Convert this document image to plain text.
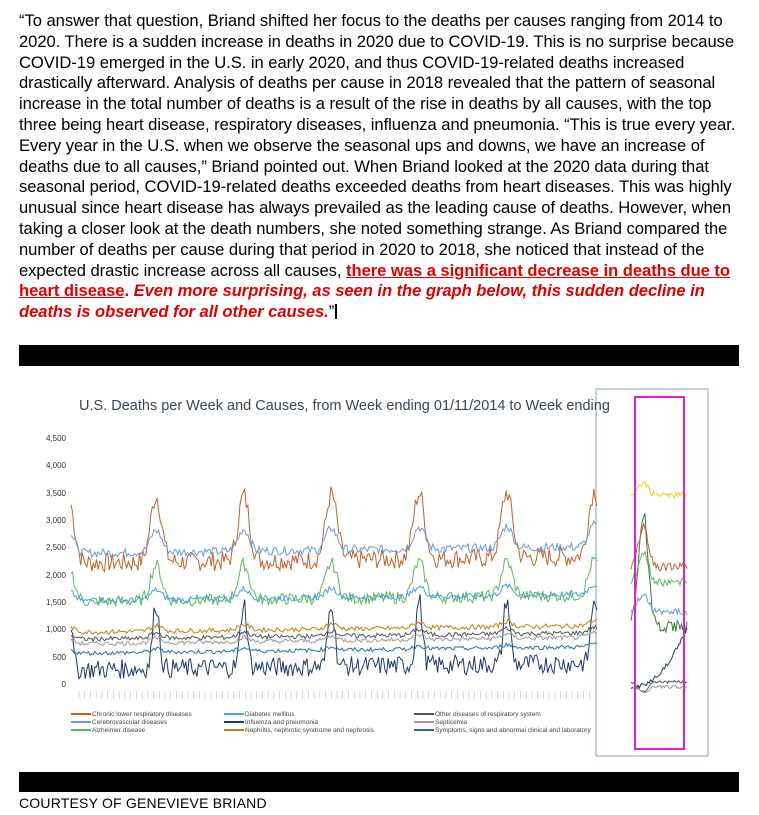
“To answer that question, Briand shifted her focus to the deaths per causes ranging from 2014 to 2020. There is a sudden increase in deaths in 2020 due to COVID-19. This is no surprise because COVID-19 emerged in the U.S. in early 2020, and thus COVID-19-related deaths increased drastically afterward. Analysis of deaths per cause in 2018 revealed that the pattern of seasonal increase in the total number of deaths is a result of the rise in deaths by all causes, with the top three being heart disease, respiratory diseases, influenza and pneumonia. “This is true every year. Every year in the U.S. when we observe the seasonal ups and downs, we have an increase of deaths due to all causes,” Briand pointed out. When Briand looked at the 2020 data during that seasonal period, COVID-19-related deaths exceeded deaths from heart diseases. This was highly unusual since heart disease has always prevailed as the leading cause of deaths. However, when taking a closer look at the death numbers, she noted something strange. As Briand compared the number of deaths per cause during that period in 2020 to 2018, she noticed that instead of the expected drastic increase across all causes, there was a significant decrease in deaths due to heart disease. Even more surprising, as seen in the graph below, this sudden decline in deaths is observed for all other causes.”
U.S. Deaths per Week and Causes, from Week ending 01/11/2014 to Week ending
4,500
4,000
3,500
3,000
2,500
2,000
1,500
1,000
500
0
Chronic lower respiratory diseases
Cerebrovascular diseases
Alzheimer disease
Diabetes mellitus
Influenza and pneumonia
Nephritis, nephrotic syndrome and nephrosis
Other diseases of respiratory system
Septicemia
Symptoms, signs and abnormal clinical and laboratory
COURTESY OF GENEVIEVE BRIAND
